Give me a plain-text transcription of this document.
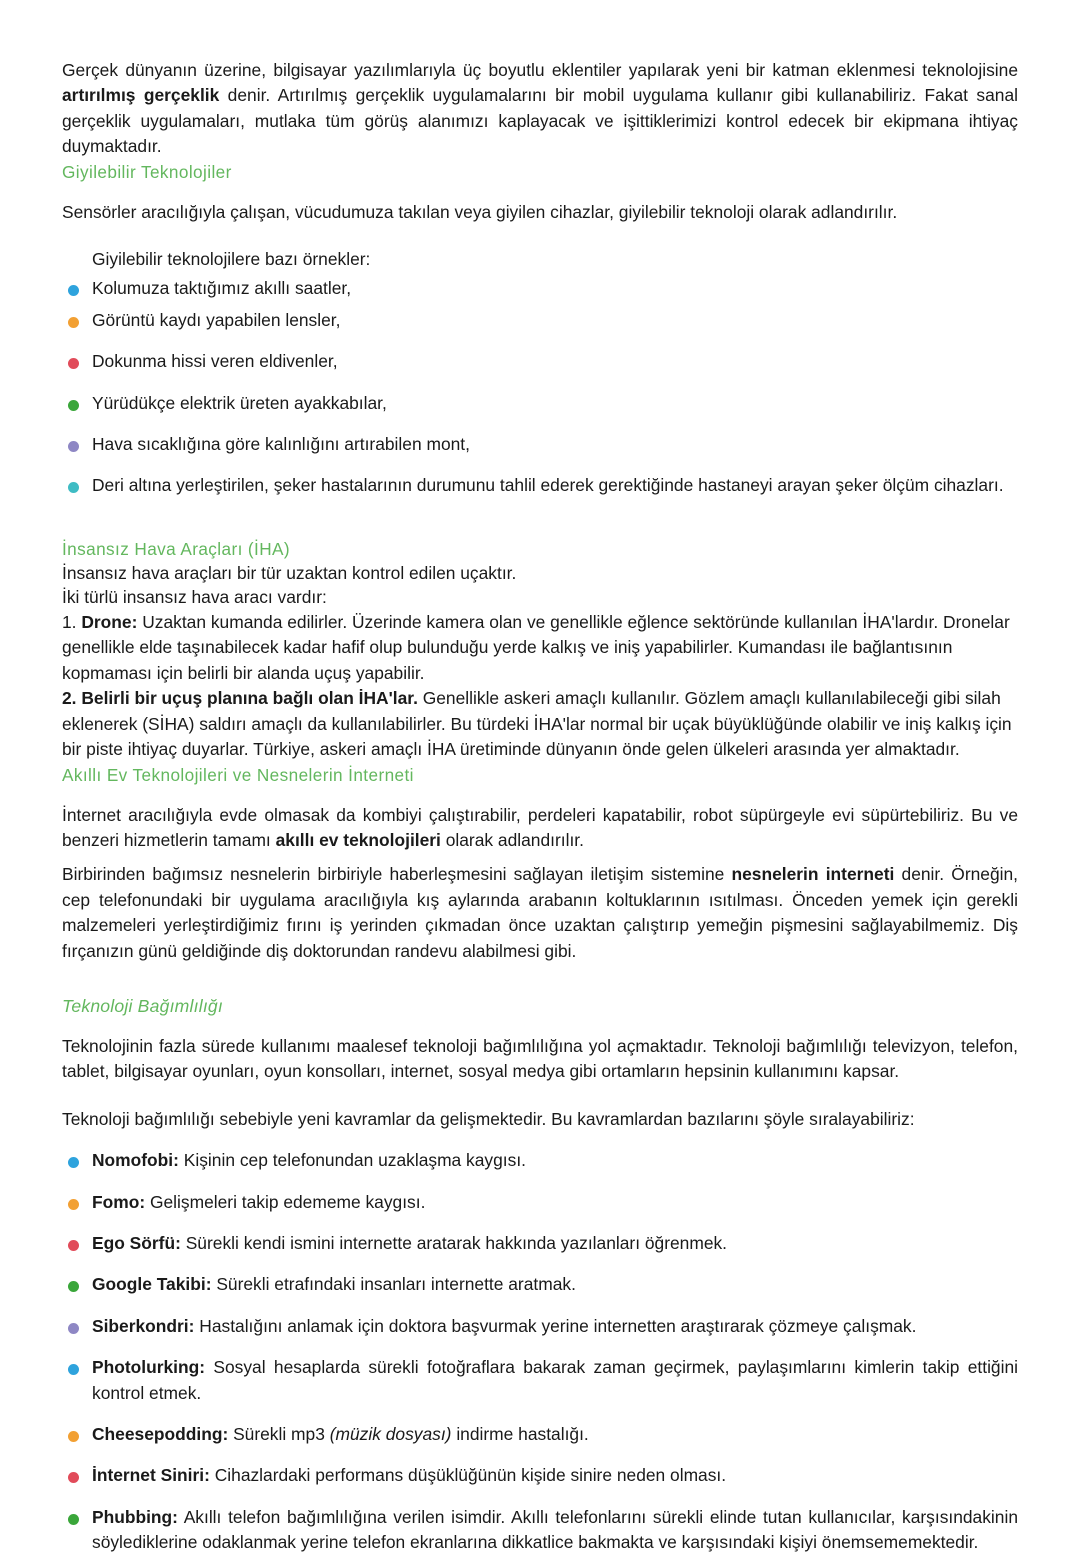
Gerçek dünyanın üzerine, bilgisayar yazılımlarıyla üç boyutlu eklentiler yapılarak yeni bir katman eklenmesi teknolojisine artırılmış gerçeklik denir. Artırılmış gerçeklik uygulamalarını bir mobil uygulama kullanır gibi kullanabiliriz. Fakat sanal gerçeklik uygulamaları, mutlaka tüm görüş alanımızı kaplayacak ve işittiklerimizi kontrol edecek bir ekipmana ihtiyaç duymaktadır.

Giyilebilir Teknolojiler

Sensörler aracılığıyla çalışan, vücudumuza takılan veya giyilen cihazlar, giyilebilir teknoloji olarak adlandırılır.

Giyilebilir teknolojilere bazı örnekler:

Kolumuza taktığımız akıllı saatler,
Görüntü kaydı yapabilen lensler,
Dokunma hissi veren eldivenler,
Yürüdükçe elektrik üreten ayakkabılar,
Hava sıcaklığına göre kalınlığını artırabilen mont,
Deri altına yerleştirilen, şeker hastalarının durumunu tahlil ederek gerektiğinde hastaneyi arayan şeker ölçüm cihazları.
İnsansız Hava Araçları (İHA)

İnsansız hava araçları bir tür uzaktan kontrol edilen uçaktır.

İki türlü insansız hava aracı vardır:

1. Drone: Uzaktan kumanda edilirler. Üzerinde kamera olan ve genellikle eğlence sektöründe kullanılan İHA'lardır. Dronelar genellikle elde taşınabilecek kadar hafif olup bulunduğu yerde kalkış ve iniş yapabilirler. Kumandası ile bağlantısının kopmaması için belirli bir alanda uçuş yapabilir.

2. Belirli bir uçuş planına bağlı olan İHA'lar. Genellikle askeri amaçlı kullanılır. Gözlem amaçlı kullanılabileceği gibi silah eklenerek (SİHA) saldırı amaçlı da kullanılabilirler. Bu türdeki İHA'lar normal bir uçak büyüklüğünde olabilir ve iniş kalkış için bir piste ihtiyaç duyarlar. Türkiye, askeri amaçlı İHA üretiminde dünyanın önde gelen ülkeleri arasında yer almaktadır.

Akıllı Ev Teknolojileri ve Nesnelerin İnterneti

İnternet aracılığıyla evde olmasak da kombiyi çalıştırabilir, perdeleri kapatabilir, robot süpürgeyle evi süpürtebiliriz. Bu ve benzeri hizmetlerin tamamı akıllı ev teknolojileri olarak adlandırılır.

Birbirinden bağımsız nesnelerin birbiriyle haberleşmesini sağlayan iletişim sistemine nesnelerin interneti denir. Örneğin, cep telefonundaki bir uygulama aracılığıyla kış aylarında arabanın koltuklarının ısıtılması. Önceden yemek için gerekli malzemeleri yerleştirdiğimiz fırını iş yerinden çıkmadan önce uzaktan çalıştırıp yemeğin pişmesini sağlayabilmemiz. Diş fırçanızın günü geldiğinde diş doktorundan randevu alabilmesi gibi.

Teknoloji Bağımlılığı

Teknolojinin fazla sürede kullanımı maalesef teknoloji bağımlılığına yol açmaktadır. Teknoloji bağımlılığı televizyon, telefon, tablet, bilgisayar oyunları, oyun konsolları, internet, sosyal medya gibi ortamların hepsinin kullanımını kapsar.

Teknoloji bağımlılığı sebebiyle yeni kavramlar da gelişmektedir. Bu kavramlardan bazılarını şöyle sıralayabiliriz:

Nomofobi: Kişinin cep telefonundan uzaklaşma kaygısı.
Fomo: Gelişmeleri takip edememe kaygısı.
Ego Sörfü: Sürekli kendi ismini internette aratarak hakkında yazılanları öğrenmek.
Google Takibi: Sürekli etrafındaki insanları internette aratmak.
Siberkondri: Hastalığını anlamak için doktora başvurmak yerine internetten araştırarak çözmeye çalışmak.
Photolurking: Sosyal hesaplarda sürekli fotoğraflara bakarak zaman geçirmek, paylaşımlarını kimlerin takip ettiğini kontrol etmek.
Cheesepodding: Sürekli mp3 (müzik dosyası) indirme hastalığı.
İnternet Siniri: Cihazlardaki performans düşüklüğünün kişide sinire neden olması.
Phubbing: Akıllı telefon bağımlılığına verilen isimdir. Akıllı telefonlarını sürekli elinde tutan kullanıcılar, karşısındakinin söylediklerine odaklanmak yerine telefon ekranlarına dikkatlice bakmakta ve karşısındaki kişiyi önemsememektedir.
